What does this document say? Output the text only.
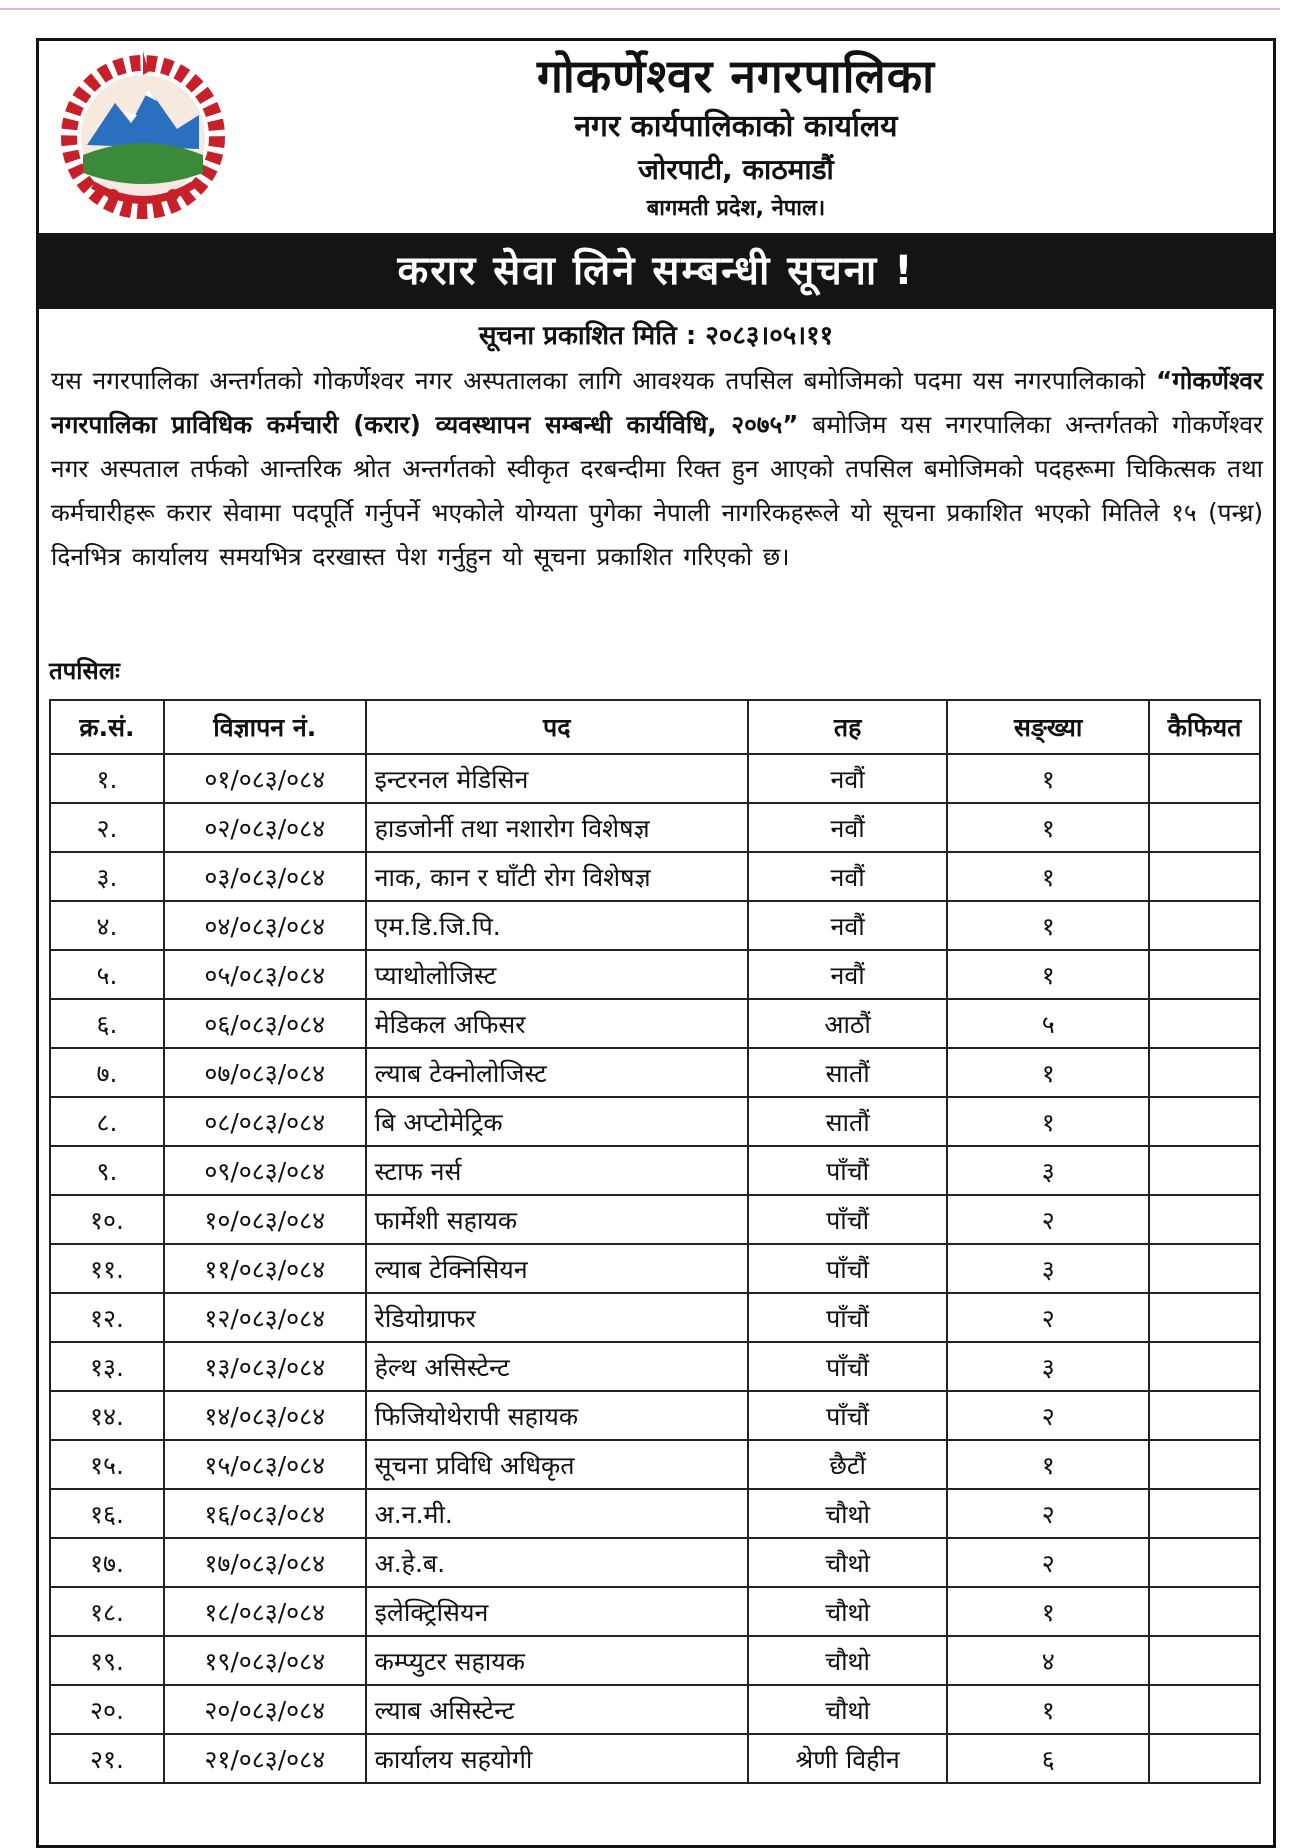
गोकर्णेश्वर नगरपालिका
नगर कार्यपालिकाको कार्यालय
जोरपाटी, काठमाडौं
बागमती प्रदेश, नेपाल।
करार सेवा लिने सम्बन्धी सूचना !
सूचना प्रकाशित मिति : २०८३।०५।११
यस नगरपालिका अन्तर्गतको गोकर्णेश्वर नगर अस्पतालका लागि आवश्यक तपसिल बमोजिमको पदमा यस नगरपालिकाको “गोकर्णेश्वर नगरपालिका प्राविधिक कर्मचारी (करार) व्यवस्थापन सम्बन्धी कार्यविधि, २०७५” बमोजिम यस नगरपालिका अन्तर्गतको गोकर्णेश्वर नगर अस्पताल तर्फको आन्तरिक श्रोत अन्तर्गतको स्वीकृत दरबन्दीमा रिक्त हुन आएको तपसिल बमोजिमको पदहरूमा चिकित्सक तथा कर्मचारीहरू करार सेवामा पदपूर्ति गर्नुपर्ने भएकोले योग्यता पुगेका नेपाली नागरिकहरूले यो सूचना प्रकाशित भएको मितिले १५ (पन्ध्र) दिनभित्र कार्यालय समयभित्र दरखास्त पेश गर्नुहुन यो सूचना प्रकाशित गरिएको छ।
तपसिलः
क्र.सं.	विज्ञापन नं.	पद	तह	सङ्ख्या	कैफियत
१.	०१/०८३/०८४	इन्टरनल मेडिसिन	नवौं	१	
२.	०२/०८३/०८४	हाडजोर्नी तथा नशारोग विशेषज्ञ	नवौं	१	
३.	०३/०८३/०८४	नाक, कान र घाँटी रोग विशेषज्ञ	नवौं	१	
४.	०४/०८३/०८४	एम.डि.जि.पि.	नवौं	१	
५.	०५/०८३/०८४	प्याथोलोजिस्ट	नवौं	१	
६.	०६/०८३/०८४	मेडिकल अफिसर	आठौं	५	
७.	०७/०८३/०८४	ल्याब टेक्नोलोजिस्ट	सातौं	१	
८.	०८/०८३/०८४	बि अप्टोमेट्रिक	सातौं	१	
९.	०९/०८३/०८४	स्टाफ नर्स	पाँचौं	३	
१०.	१०/०८३/०८४	फार्मेशी सहायक	पाँचौं	२	
११.	११/०८३/०८४	ल्याब टेक्निसियन	पाँचौं	३	
१२.	१२/०८३/०८४	रेडियोग्राफर	पाँचौं	२	
१३.	१३/०८३/०८४	हेल्थ असिस्टेन्ट	पाँचौं	३	
१४.	१४/०८३/०८४	फिजियोथेरापी सहायक	पाँचौं	२	
१५.	१५/०८३/०८४	सूचना प्रविधि अधिकृत	छैटौं	१	
१६.	१६/०८३/०८४	अ.न.मी.	चौथो	२	
१७.	१७/०८३/०८४	अ.हे.ब.	चौथो	२	
१८.	१८/०८३/०८४	इलेक्ट्रिसियन	चौथो	१	
१९.	१९/०८३/०८४	कम्प्युटर सहायक	चौथो	४	
२०.	२०/०८३/०८४	ल्याब असिस्टेन्ट	चौथो	१	
२१.	२१/०८३/०८४	कार्यालय सहयोगी	श्रेणी विहीन	६	
